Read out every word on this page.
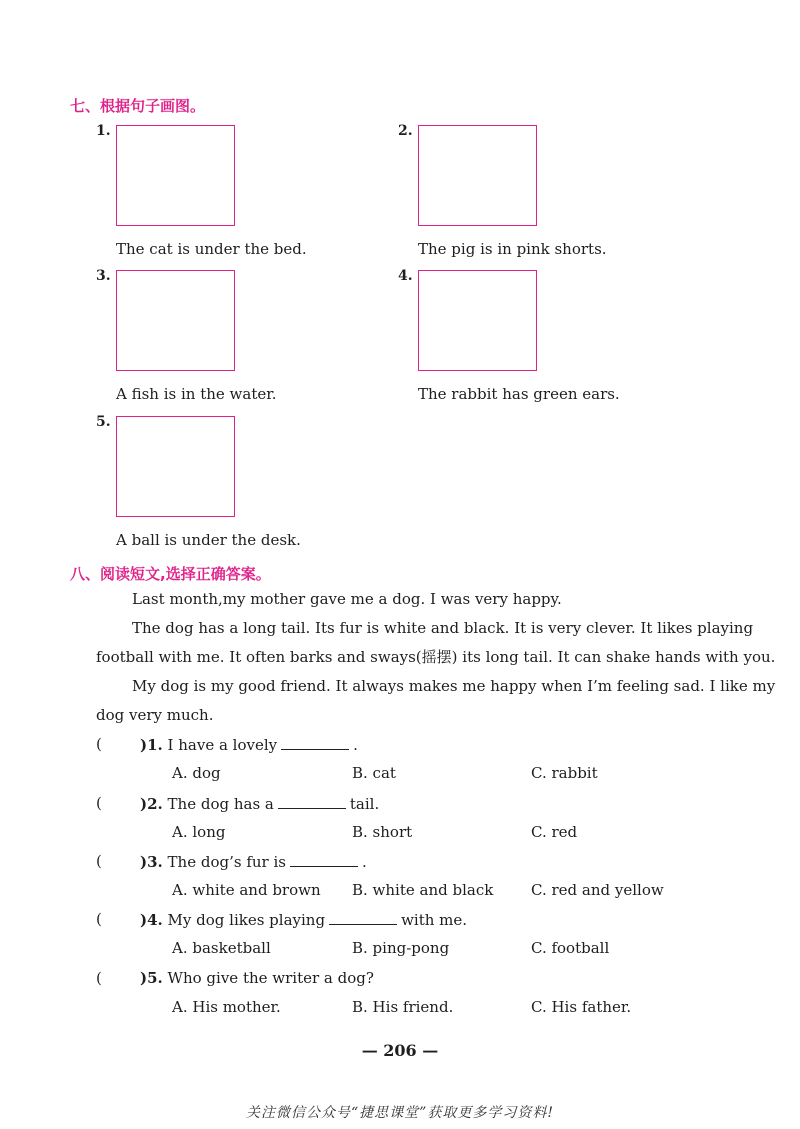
七、根据句子画图。
1.
The cat is under the bed.
2.
The pig is in pink shorts.
3.
A fish is in the water.
4.
The rabbit has green ears.
5.
A ball is under the desk.
八、阅读短文,选择正确答案。
Last month,my mother gave me a dog. I was very happy.
The dog has a long tail. Its fur is white and black. It is very clever. It likes playing
football with me. It often barks and sways(摇摆) its long tail. It can shake hands with you.
My dog is my good friend. It always makes me happy when I’m feeling sad. I like my
dog very much.
(	)1. I have a lovely	.
A. dog	B. cat	C. rabbit
(	)2. The dog has a	tail.
A. long	B. short	C. red
(	)3. The dog’s fur is	.
A. white and brown B. white and black	C. red and yellow
(	)4. My dog likes playing	with me.
A. basketball	B. ping-pong	C. football
(	)5. Who give the writer a dog?
A. His mother.	B. His friend.	C. His father.
— 206 —
关注微信公众号“捷思课堂”获取更多学习资料!
